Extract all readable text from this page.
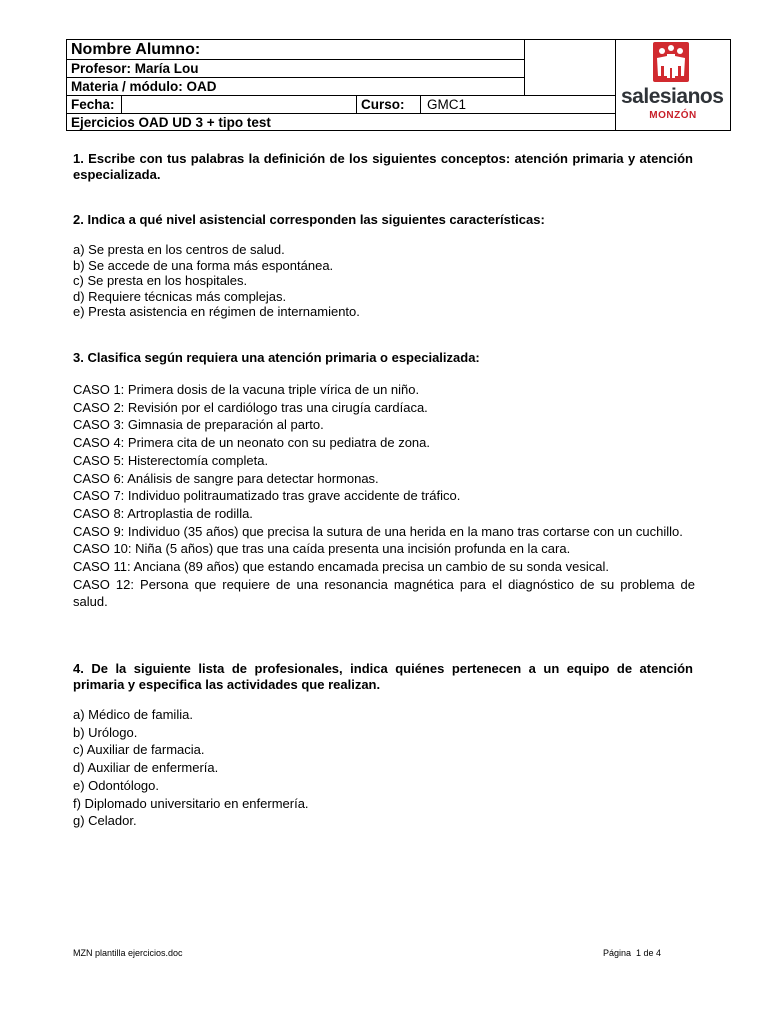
Nombre Alumno:
Profesor: María Lou
Materia / módulo: OAD
Fecha:	Curso: GMC1
Ejercicios OAD UD 3 + tipo test
salesianos
MONZÓN
1. Escribe con tus palabras la definición de los siguientes conceptos: atención primaria y atención especializada.
2. Indica a qué nivel asistencial corresponden las siguientes características:
a) Se presta en los centros de salud.
b) Se accede de una forma más espontánea.
c) Se presta en los hospitales.
d) Requiere técnicas más complejas.
e) Presta asistencia en régimen de internamiento.
3. Clasifica según requiera una atención primaria o especializada:
CASO 1: Primera dosis de la vacuna triple vírica de un niño.
CASO 2: Revisión por el cardiólogo tras una cirugía cardíaca.
CASO 3: Gimnasia de preparación al parto.
CASO 4: Primera cita de un neonato con su pediatra de zona.
CASO 5: Histerectomía completa.
CASO 6: Análisis de sangre para detectar hormonas.
CASO 7: Individuo politraumatizado tras grave accidente de tráfico.
CASO 8: Artroplastia de rodilla.
CASO 9: Individuo (35 años) que precisa la sutura de una herida en la mano tras cortarse con un cuchillo.
CASO 10: Niña (5 años) que tras una caída presenta una incisión profunda en la cara.
CASO 11: Anciana (89 años) que estando encamada precisa un cambio de su sonda vesical.
CASO 12: Persona que requiere de una resonancia magnética para el diagnóstico de su problema de salud.
4. De la siguiente lista de profesionales, indica quiénes pertenecen a un equipo de atención primaria y especifica las actividades que realizan.
a) Médico de familia.
b) Urólogo.
c) Auxiliar de farmacia.
d) Auxiliar de enfermería.
e) Odontólogo.
f) Diplomado universitario en enfermería.
g) Celador.
MZN plantilla ejercicios.doc	Página  1 de 4
